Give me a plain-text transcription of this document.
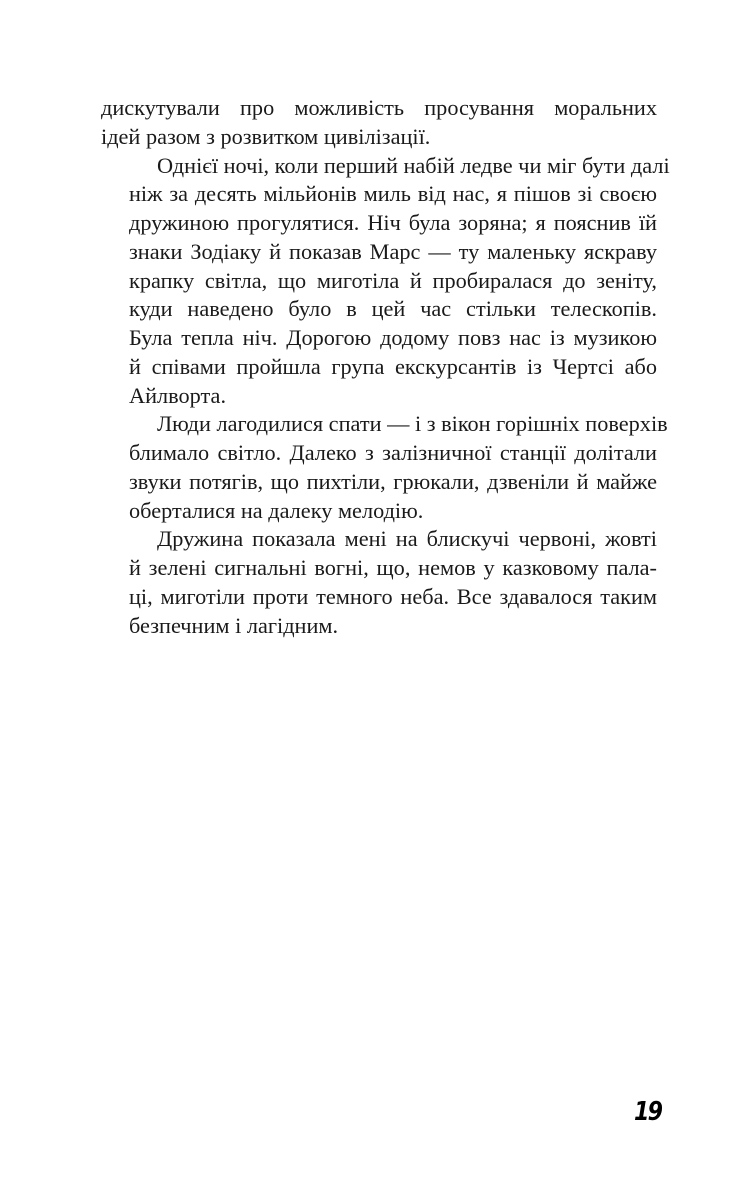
дискутували про можливість просування моральних
ідей разом з розвитком цивілізації.

Однієї ночі, коли перший набій ледве чи міг бути далі
ніж за десять мільйонів миль від нас, я пішов зі своєю
дружиною прогулятися. Ніч була зоряна; я пояснив їй
знаки Зодіаку й показав Марс — ту маленьку яскраву
крапку світла, що миготіла й пробиралася до зеніту,
куди наведено було в цей час стільки телескопів.
Була тепла ніч. Дорогою додому повз нас із музикою
й співами пройшла група екскурсантів із Чертсі або
Айлворта.

Люди лагодилися спати — і з вікон горішніх поверхів
блимало світло. Далеко з залізничної станції долітали
звуки потягів, що пихтіли, грюкали, дзвеніли й майже
оберталися на далеку мелодію.

Дружина показала мені на блискучі червоні, жовті
й зелені сигнальні вогні, що, немов у казковому пала-
ці, миготіли проти темного неба. Все здавалося таким
безпечним і лагідним.

19
